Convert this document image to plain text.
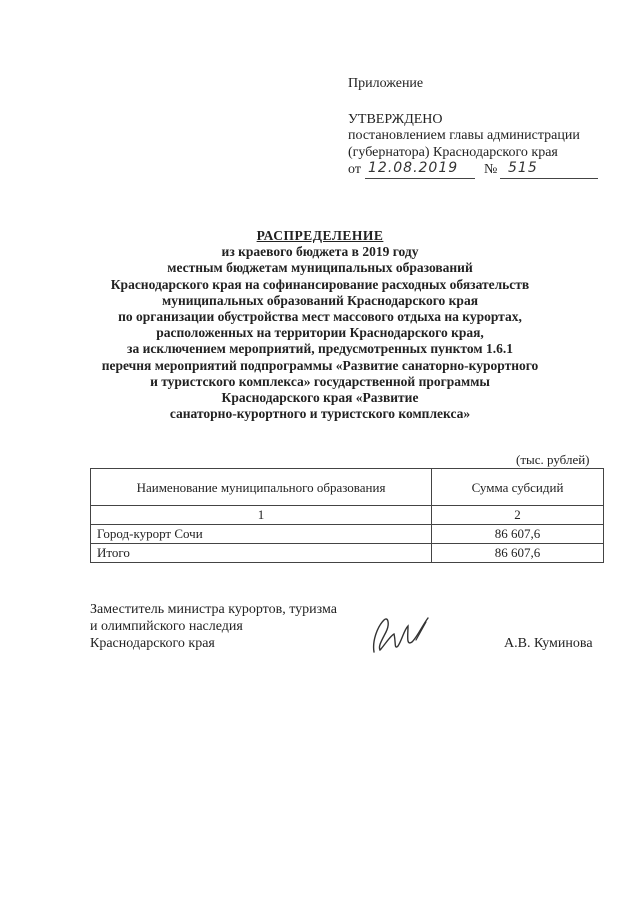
Приложение
УТВЕРЖДЕНО
постановлением главы администрации
(губернатора) Краснодарского края
от 12.08.2019 № 515
РАСПРЕДЕЛЕНИЕ
из краевого бюджета в 2019 году
местным бюджетам муниципальных образований
Краснодарского края на софинансирование расходных обязательств
муниципальных образований Краснодарского края
по организации обустройства мест массового отдыха на курортах,
расположенных на территории Краснодарского края,
за исключением мероприятий, предусмотренных пунктом 1.6.1
перечня мероприятий подпрограммы «Развитие санаторно-курортного
и туристского комплекса» государственной программы
Краснодарского края «Развитие
санаторно-курортного и туристского комплекса»
(тыс. рублей)
Наименование муниципального образования	Сумма субсидий
1	2
Город-курорт Сочи	86 607,6
Итого	86 607,6
Заместитель министра курортов, туризма
и олимпийского наследия
Краснодарского края	А.В. Куминова
